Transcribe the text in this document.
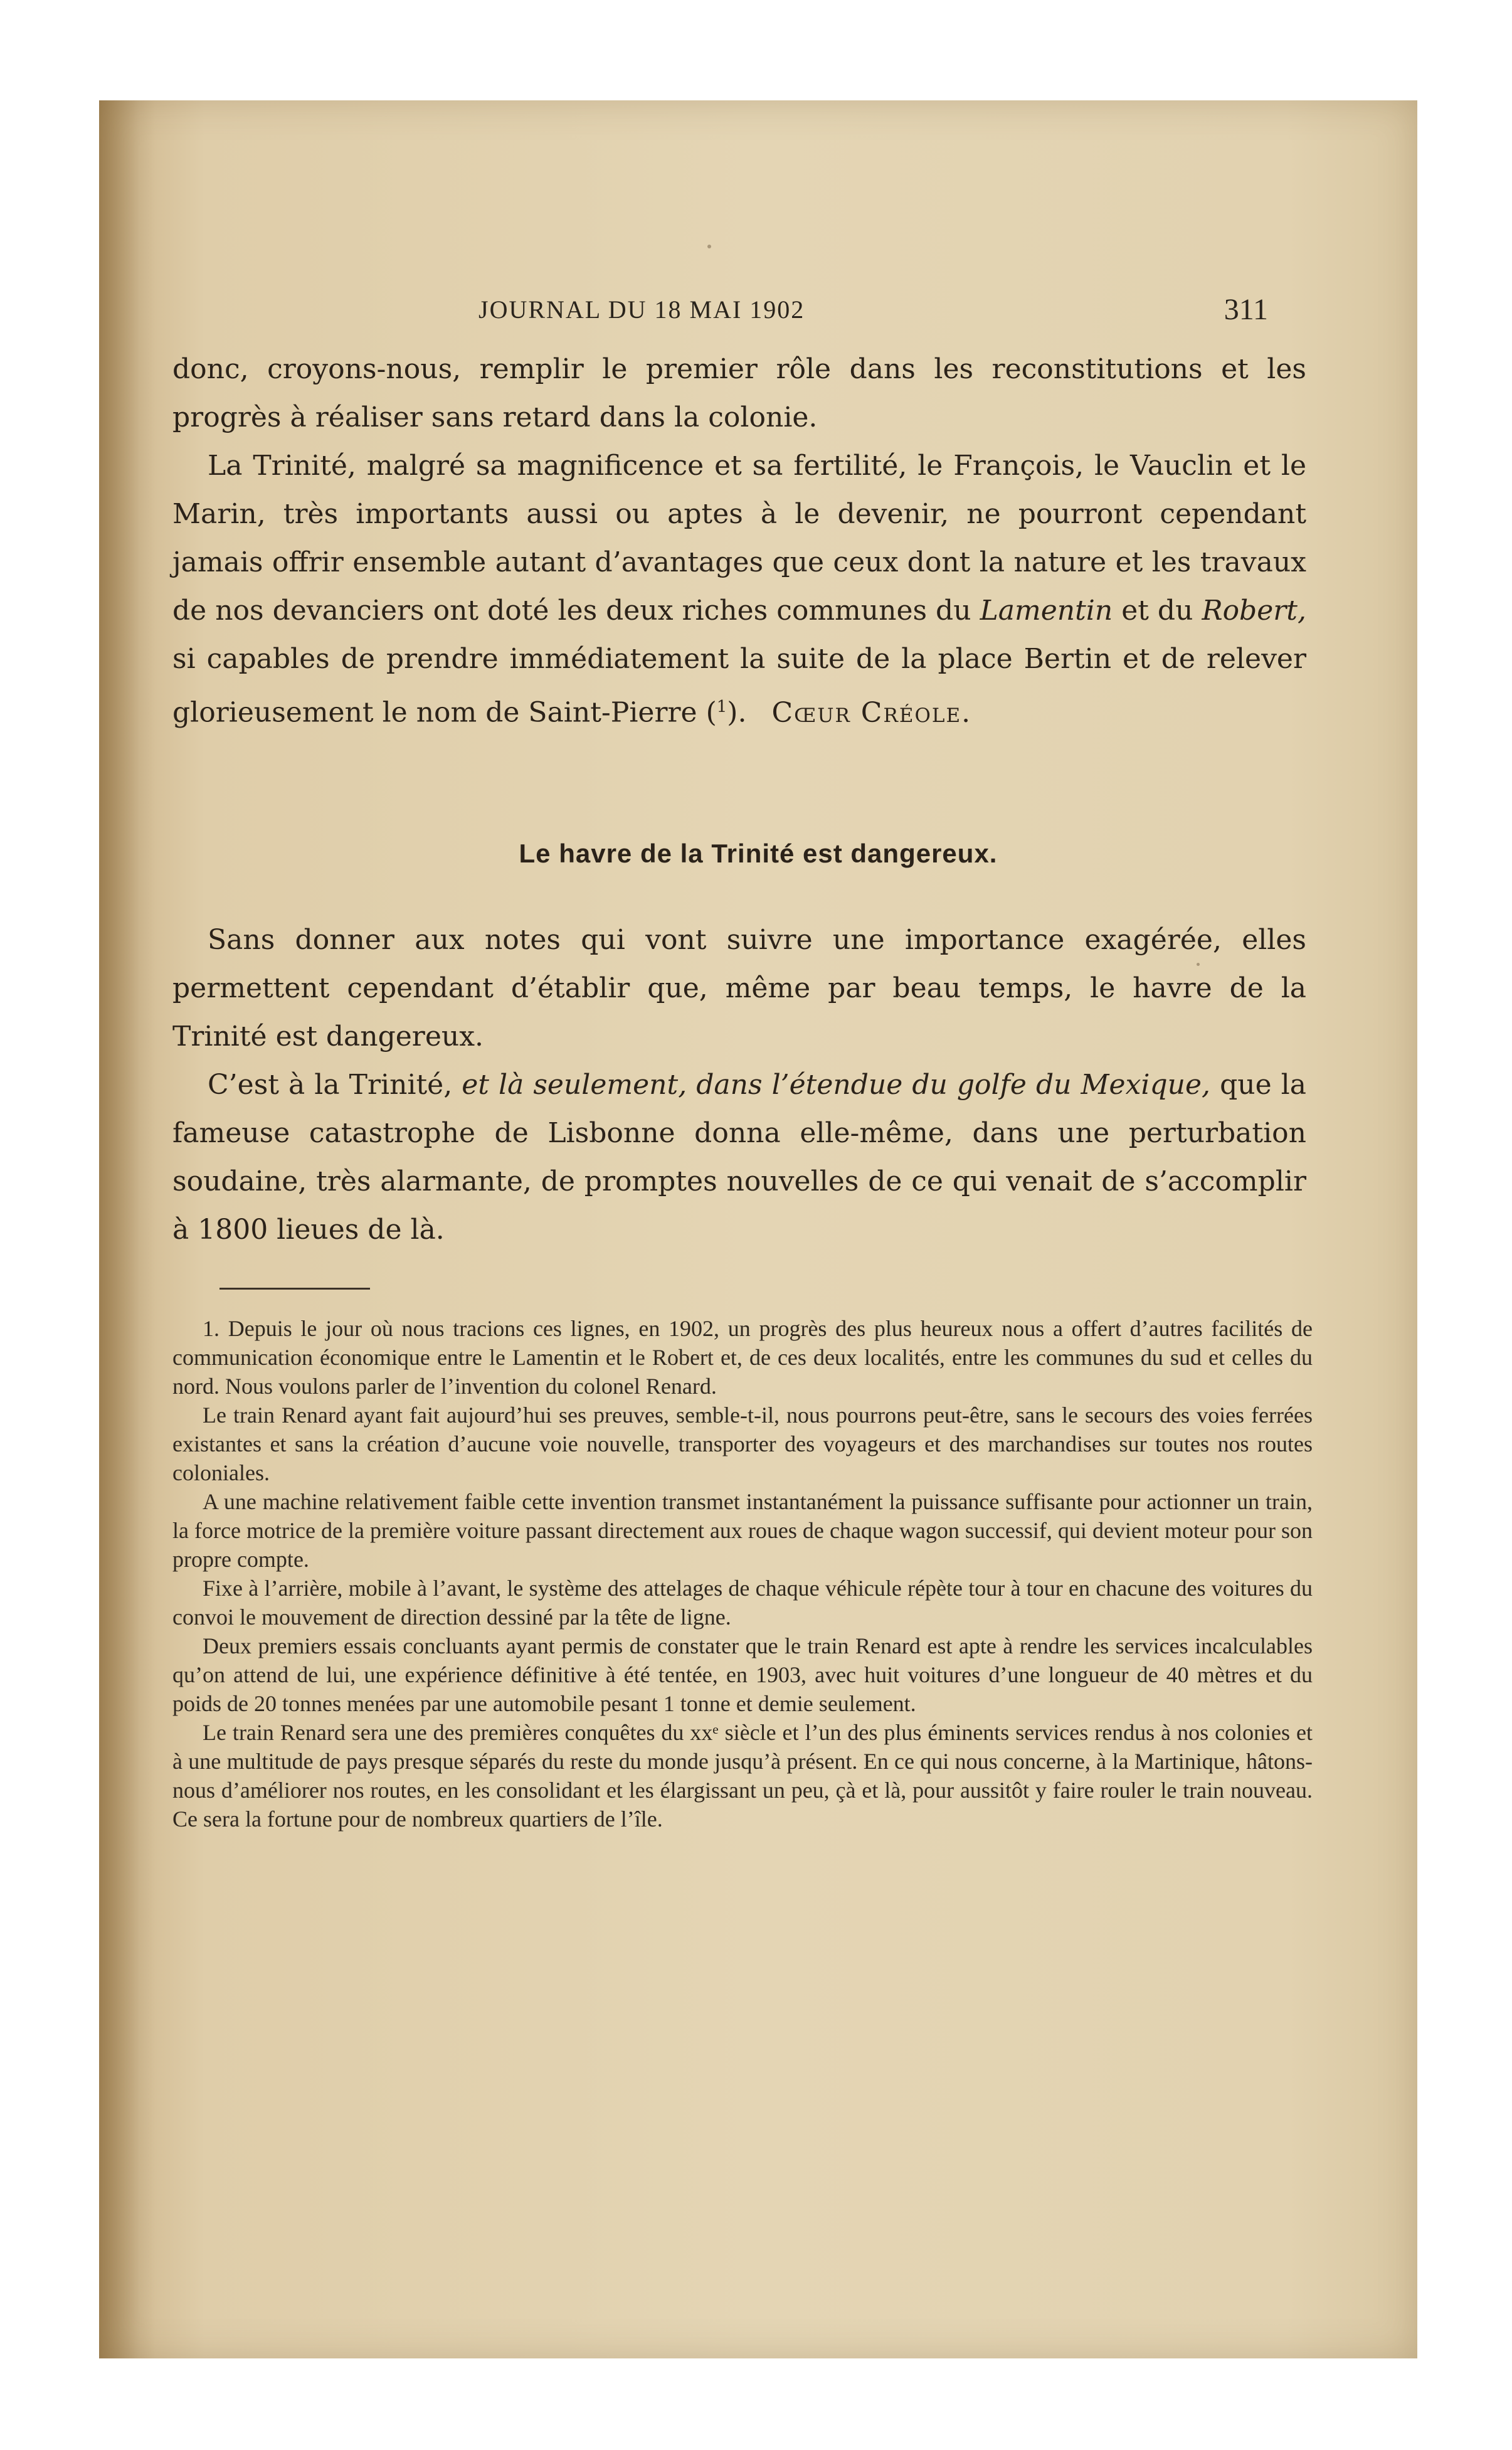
JOURNAL DU 18 MAI 1902	311

donc, croyons-nous, remplir le premier rôle dans les reconstitutions et les progrès à réaliser sans retard dans la colonie.

La Trinité, malgré sa magnificence et sa fertilité, le François, le Vauclin et le Marin, très importants aussi ou aptes à le devenir, ne pourront cependant jamais offrir ensemble autant d’avantages que ceux dont la nature et les travaux de nos devanciers ont doté les deux riches communes du Lamentin et du Robert, si capables de prendre immédiatement la suite de la place Bertin et de relever glorieusement le nom de Saint-Pierre ($^1$). Cœur Créole.

Le havre de la Trinité est dangereux.

Sans donner aux notes qui vont suivre une importance exagérée, elles permettent cependant d’établir que, même par beau temps, le havre de la Trinité est dangereux.

C’est à la Trinité, et là seulement, dans l’étendue du golfe du Mexique, que la fameuse catastrophe de Lisbonne donna elle-même, dans une perturbation soudaine, très alarmante, de promptes nouvelles de ce qui venait de s’accomplir à 1800 lieues de là.

1. Depuis le jour où nous tracions ces lignes, en 1902, un progrès des plus heureux nous a offert d’autres facilités de communication économique entre le Lamentin et le Robert et, de ces deux localités, entre les communes du sud et celles du nord. Nous voulons parler de l’invention du colonel Renard.

Le train Renard ayant fait aujourd’hui ses preuves, semble-t-il, nous pourrons peut-être, sans le secours des voies ferrées existantes et sans la création d’aucune voie nouvelle, transporter des voyageurs et des marchandises sur toutes nos routes coloniales.

A une machine relativement faible cette invention transmet instantanément la puissance suffisante pour actionner un train, la force motrice de la première voiture passant directement aux roues de chaque wagon successif, qui devient moteur pour son propre compte.

Fixe à l’arrière, mobile à l’avant, le système des attelages de chaque véhicule répète tour à tour en chacune des voitures du convoi le mouvement de direction dessiné par la tête de ligne.

Deux premiers essais concluants ayant permis de constater que le train Renard est apte à rendre les services incalculables qu’on attend de lui, une expérience définitive à été tentée, en 1903, avec huit voitures d’une longueur de 40 mètres et du poids de 20 tonnes menées par une automobile pesant 1 tonne et demie seulement.

Le train Renard sera une des premières conquêtes du xxᵉ siècle et l’un des plus éminents services rendus à nos colonies et à une multitude de pays presque séparés du reste du monde jusqu’à présent. En ce qui nous concerne, à la Martinique, hâtons-nous d’améliorer nos routes, en les consolidant et les élargissant un peu, çà et là, pour aussitôt y faire rouler le train nouveau. Ce sera la fortune pour de nombreux quartiers de l’île.
